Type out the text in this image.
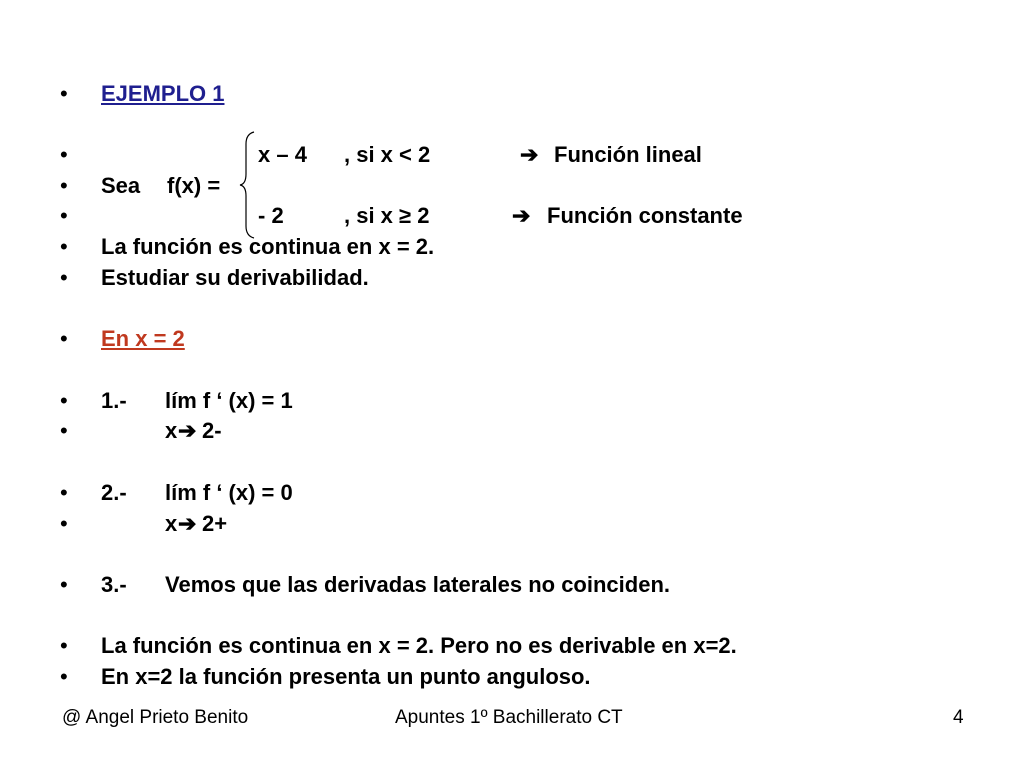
• EJEMPLO 1
•	x – 4 , si x < 2	➔ Función lineal
• Sea f(x) =
•	- 2	, si x ≥ 2	➔ Función constante
• La función es continua en x = 2.
• Estudiar su derivabilidad.
• En x = 2
• 1.- lím f ‘ (x) = 1
•	x ➔ 2-
• 2.- lím f ‘ (x) = 0
•	x ➔ 2+
• 3.- Vemos que las derivadas laterales no coinciden.
• La función es continua en x = 2. Pero no es derivable en x=2.
• En x=2 la función presenta un punto anguloso.
@ Angel Prieto Benito	Apuntes 1º Bachillerato CT	4
